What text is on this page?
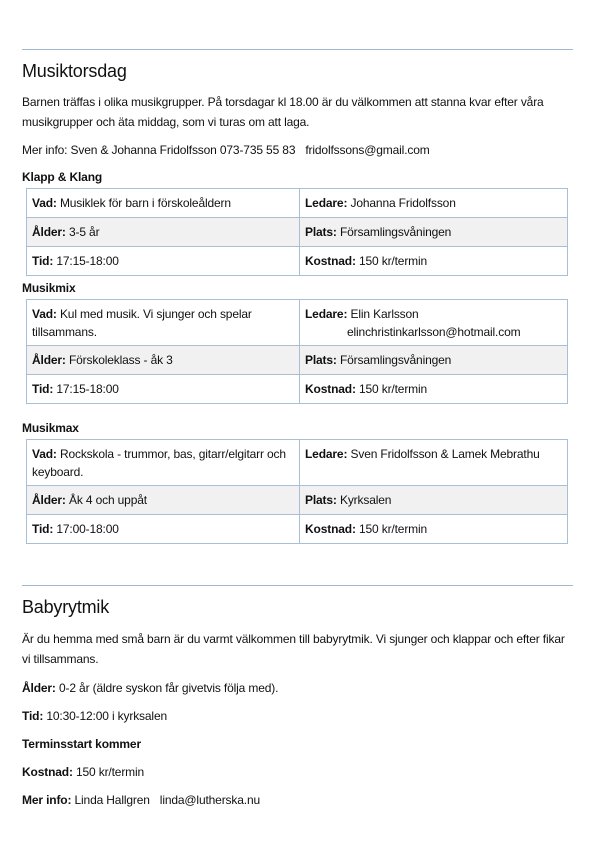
Musiktorsdag
Barnen träffas i olika musikgrupper. På torsdagar kl 18.00 är du välkommen att stanna kvar efter våra musikgrupper och äta middag, som vi turas om att laga.
Mer info: Sven & Johanna Fridolfsson 073-735 55 83 fridolfssons@gmail.com
Klapp & Klang
Vad: Musiklek för barn i förskoleåldern	Ledare: Johanna Fridolfsson
Ålder: 3-5 år	Plats: Församlingsvåningen
Tid: 17:15-18:00	Kostnad: 150 kr/termin
Musikmix
Vad: Kul med musik. Vi sjunger och spelar tillsammans.	Ledare: Elin Karlsson
elinchristinkarlsson@hotmail.com

Ålder: Förskoleklass - åk 3	Plats: Församlingsvåningen
Tid: 17:15-18:00	Kostnad: 150 kr/termin
Musikmax
Vad: Rockskola - trummor, bas, gitarr/elgitarr och keyboard.	Ledare: Sven Fridolfsson & Lamek Mebrathu
Ålder: Åk 4 och uppåt	Plats: Kyrksalen
Tid: 17:00-18:00	Kostnad: 150 kr/termin
Babyrytmik
Är du hemma med små barn är du varmt välkommen till babyrytmik. Vi sjunger och klappar och efter fikar vi tillsammans.
Ålder: 0-2 år (äldre syskon får givetvis följa med).
Tid: 10:30-12:00 i kyrksalen
Terminsstart kommer
Kostnad: 150 kr/termin
Mer info: Linda Hallgren linda@lutherska.nu
